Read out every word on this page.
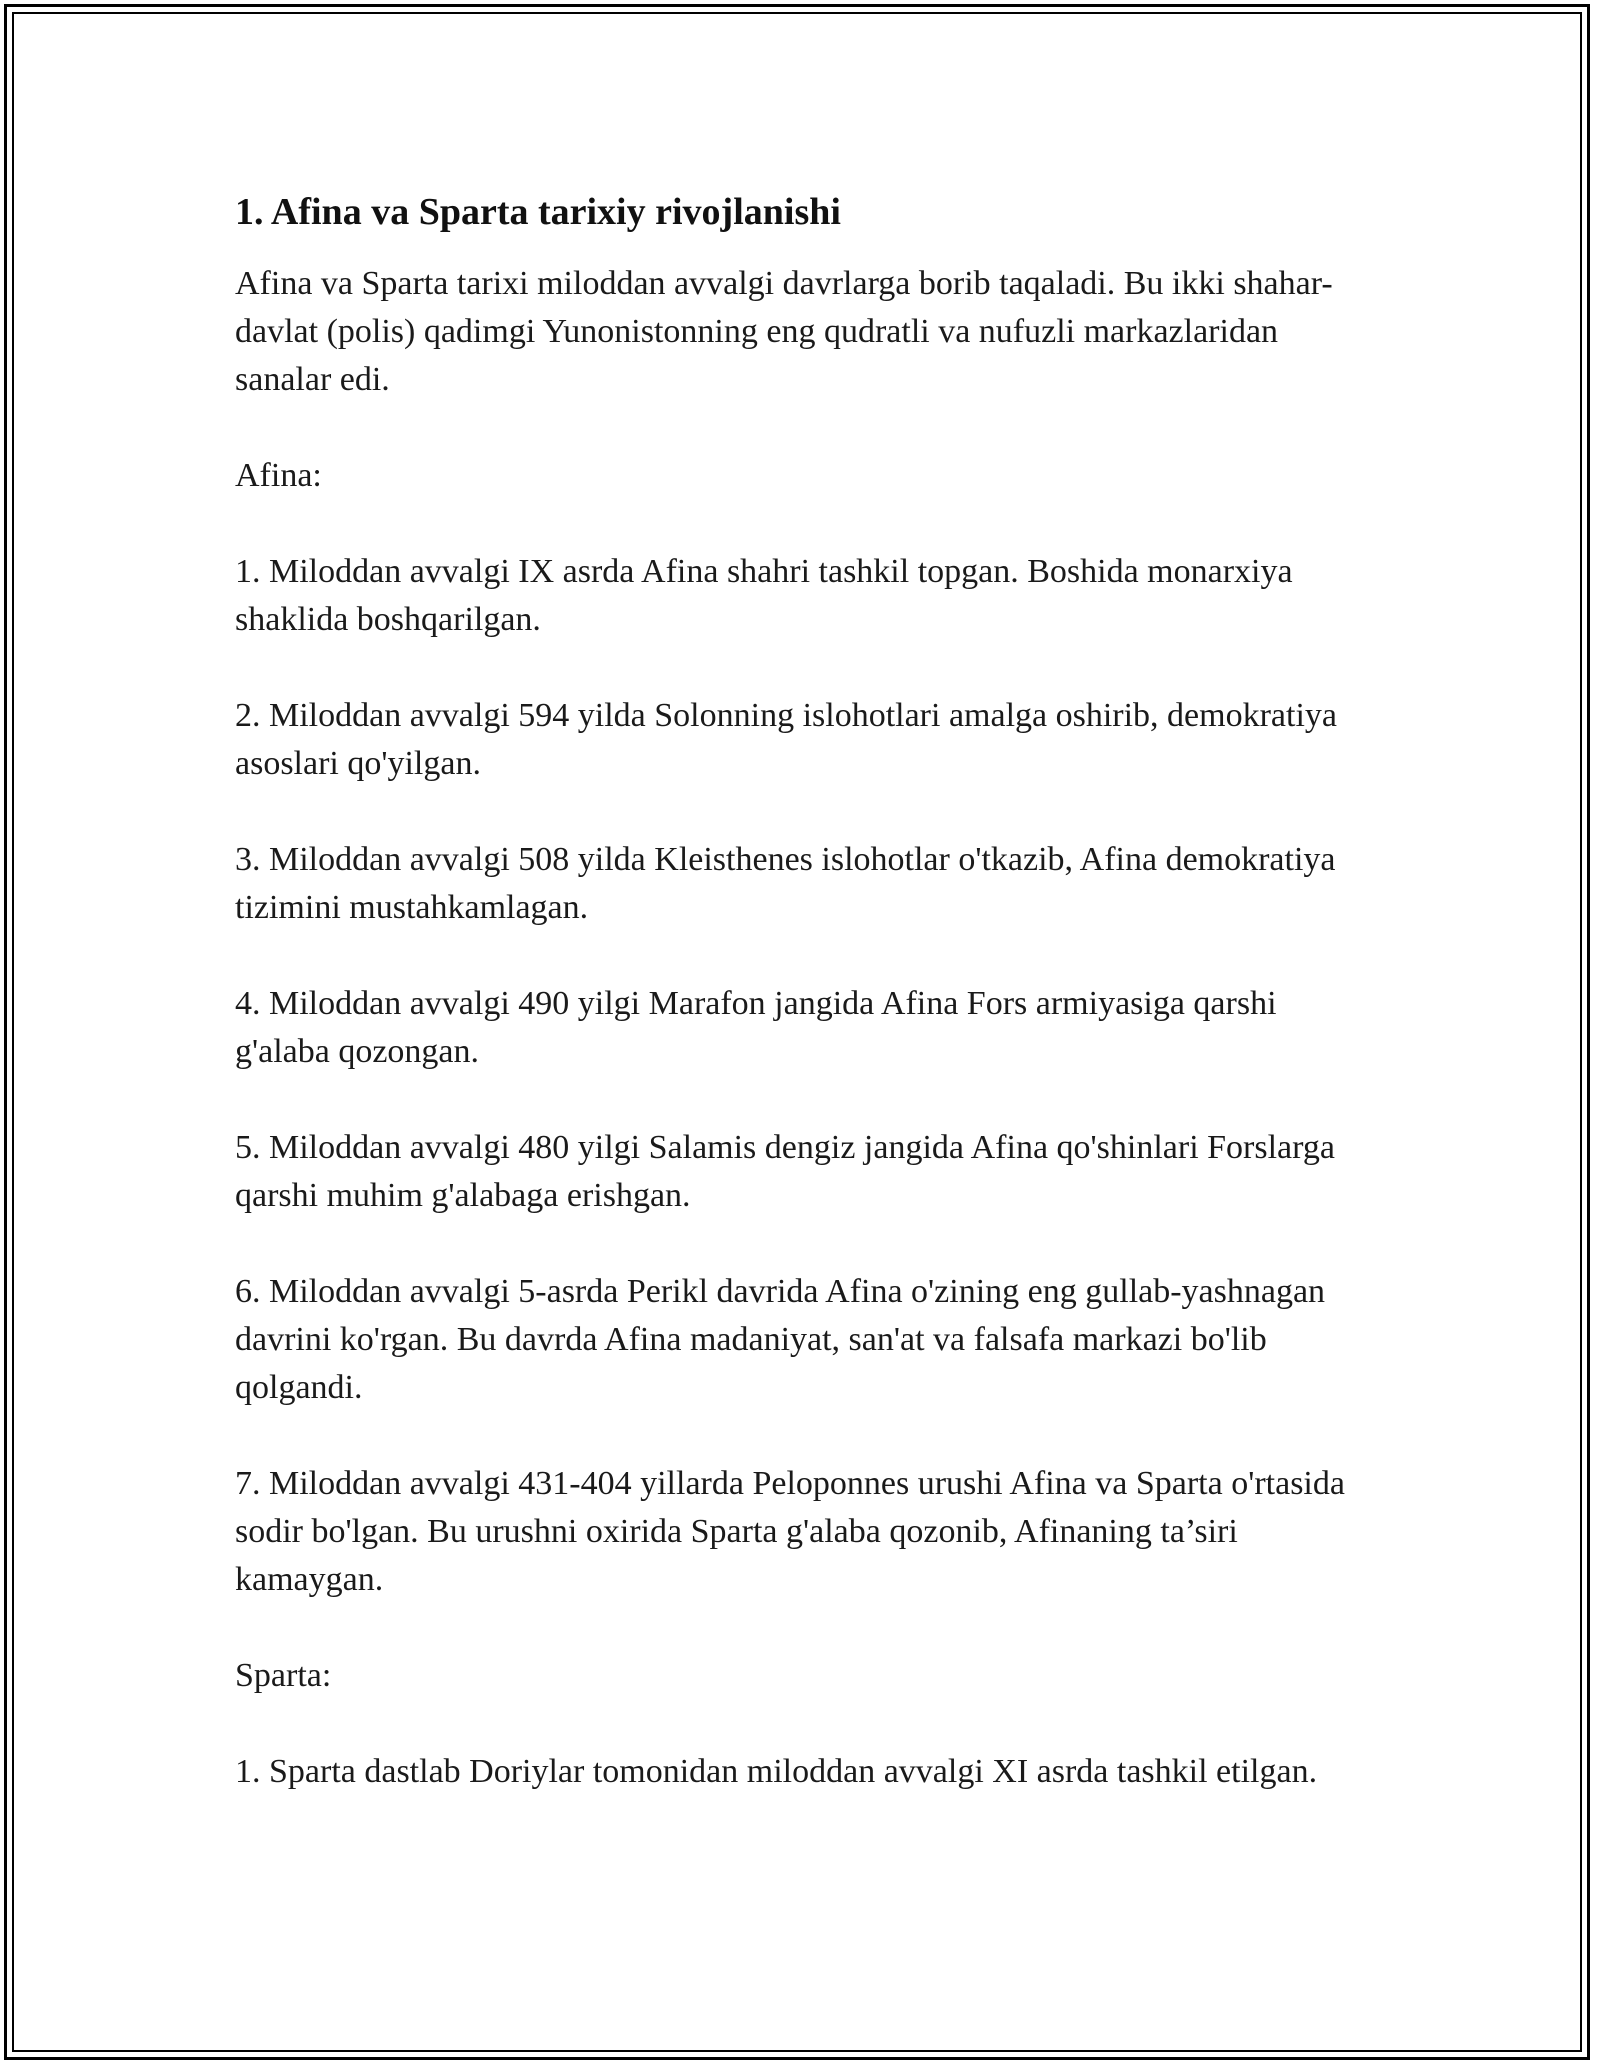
1. Afina va Sparta tarixiy rivojlanishi

Afina va Sparta tarixi miloddan avvalgi davrlarga borib taqaladi. Bu ikki shahar-davlat (polis) qadimgi Yunonistonning eng qudratli va nufuzli markazlaridan sanalar edi.

Afina:

1. Miloddan avvalgi IX asrda Afina shahri tashkil topgan. Boshida monarxiya shaklida boshqarilgan.

2. Miloddan avvalgi 594 yilda Solonning islohotlari amalga oshirib, demokratiya asoslari qo'yilgan.

3. Miloddan avvalgi 508 yilda Kleisthenes islohotlar o'tkazib, Afina demokratiya tizimini mustahkamlagan.

4. Miloddan avvalgi 490 yilgi Marafon jangida Afina Fors armiyasiga qarshi g'alaba qozongan.

5. Miloddan avvalgi 480 yilgi Salamis dengiz jangida Afina qo'shinlari Forslarga qarshi muhim g'alabaga erishgan.

6. Miloddan avvalgi 5-asrda Perikl davrida Afina o'zining eng gullab-yashnagan davrini ko'rgan. Bu davrda Afina madaniyat, san'at va falsafa markazi bo'lib qolgandi.

7. Miloddan avvalgi 431-404 yillarda Peloponnes urushi Afina va Sparta o'rtasida sodir bo'lgan. Bu urushni oxirida Sparta g'alaba qozonib, Afinaning ta’siri kamaygan.

Sparta:

1. Sparta dastlab Doriylar tomonidan miloddan avvalgi XI asrda tashkil etilgan.
